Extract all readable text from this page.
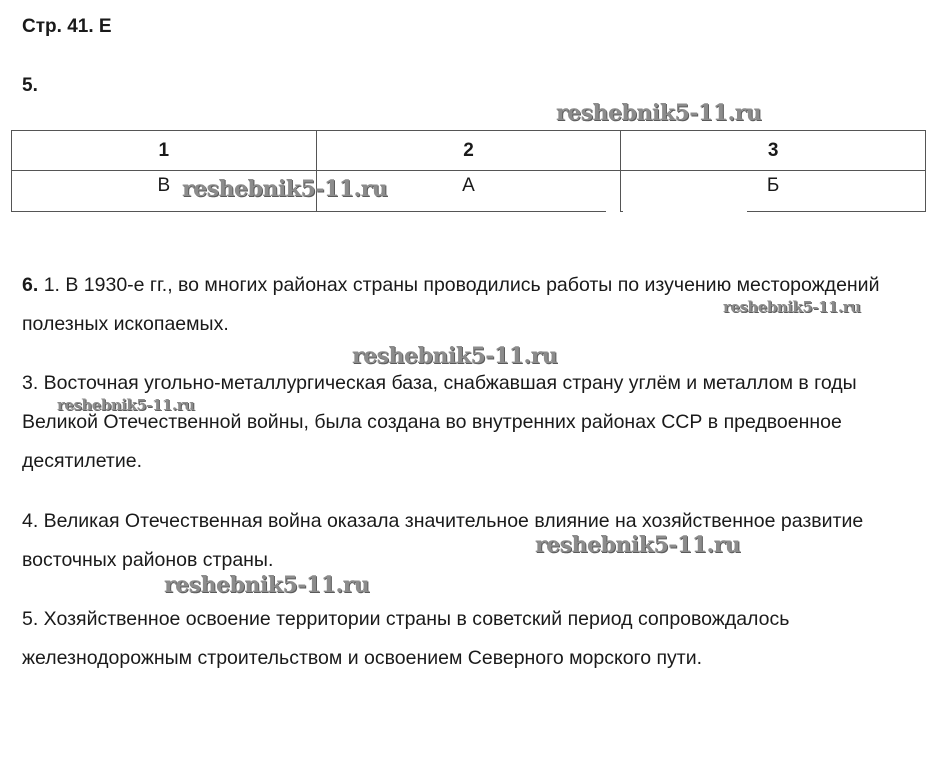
Стр. 41. Е
5.
1	2	3
В	А	Б
6. 1. В 1930-е гг., во многих районах страны проводились работы по изучению месторождений полезных ископаемых.
3. Восточная угольно-металлургическая база, снабжавшая страну углём и металлом в годы Великой Отечественной войны, была создана во внутренних районах ССР в предвоенное десятилетие.
4. Великая Отечественная война оказала значительное влияние на хозяйственное развитие восточных районов страны.
5. Хозяйственное освоение территории страны в советский период сопровождалось железнодорожным строительством и освоением Северного морского пути.
reshebnik5-11.ru
reshebnik5-11.ru
reshebnik5-11.ru
reshebnik5-11.ru
reshebnik5-11.ru
reshebnik5-11.ru
reshebnik5-11.ru
